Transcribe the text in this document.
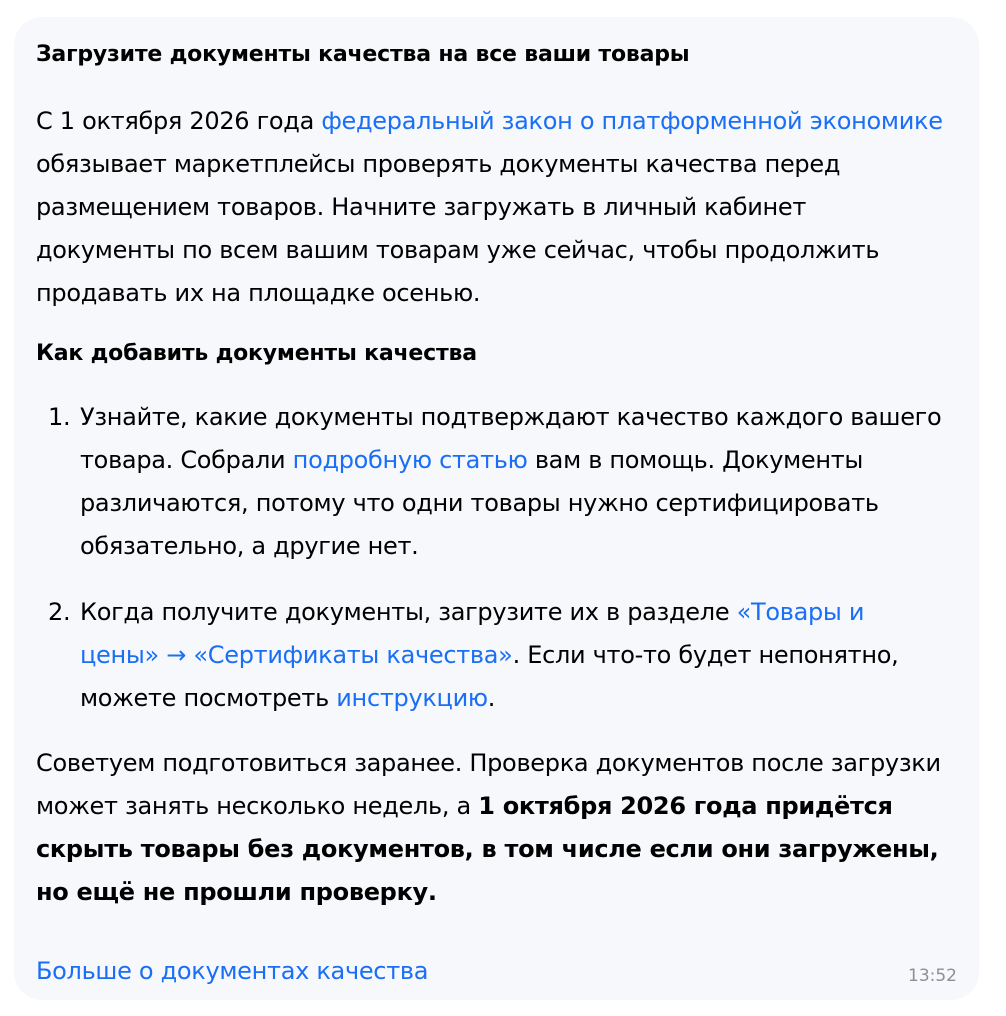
Загрузите документы качества на все ваши товары

С 1 октября 2026 года федеральный закон о платформенной экономике обязывает маркетплейсы проверять документы качества перед размещением товаров. Начните загружать в личный кабинет документы по всем вашим товарам уже сейчас, чтобы продолжить продавать их на площадке осенью.

Как добавить документы качества

1. Узнайте, какие документы подтверждают качество каждого вашего товара. Собрали подробную статью вам в помощь. Документы различаются, потому что одни товары нужно сертифицировать обязательно, а другие нет.
2. Когда получите документы, загрузите их в разделе «Товары и цены» → «Сертификаты качества». Если что-то будет непонятно, можете посмотреть инструкцию.

Советуем подготовиться заранее. Проверка документов после загрузки может занять несколько недель, а 1 октября 2026 года придётся скрыть товары без документов, в том числе если они загружены, но ещё не прошли проверку.

Больше о документах качества	13:52
